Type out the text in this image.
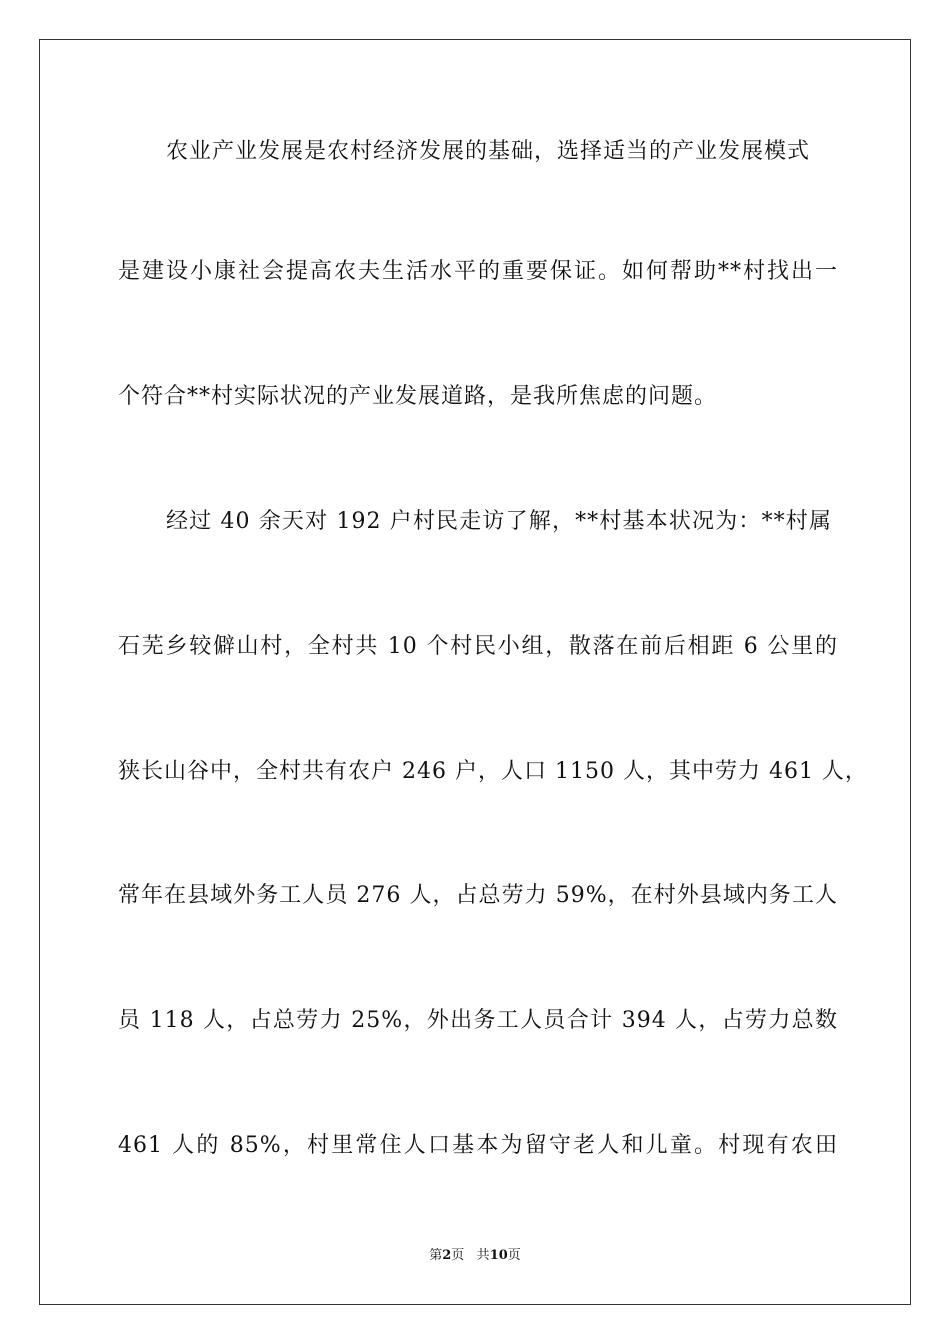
农业产业发展是农村经济发展的基础，选择适当的产业发展模式
是建设小康社会提高农夫生活水平的重要保证。如何帮助**村找出一
个符合**村实际状况的产业发展道路，是我所焦虑的问题。
经过 40 余天对 192 户村民走访了解，**村基本状况为：**村属
石芜乡较僻山村，全村共 10 个村民小组，散落在前后相距 6 公里的
狭长山谷中，全村共有农户 246 户，人口 1150 人，其中劳力 461 人，
常年在县域外务工人员 276 人，占总劳力 59%，在村外县域内务工人
员 118 人，占总劳力 25%，外出务工人员合计 394 人，占劳力总数
461 人的 85%，村里常住人口基本为留守老人和儿童。村现有农田
第2页 共10页
